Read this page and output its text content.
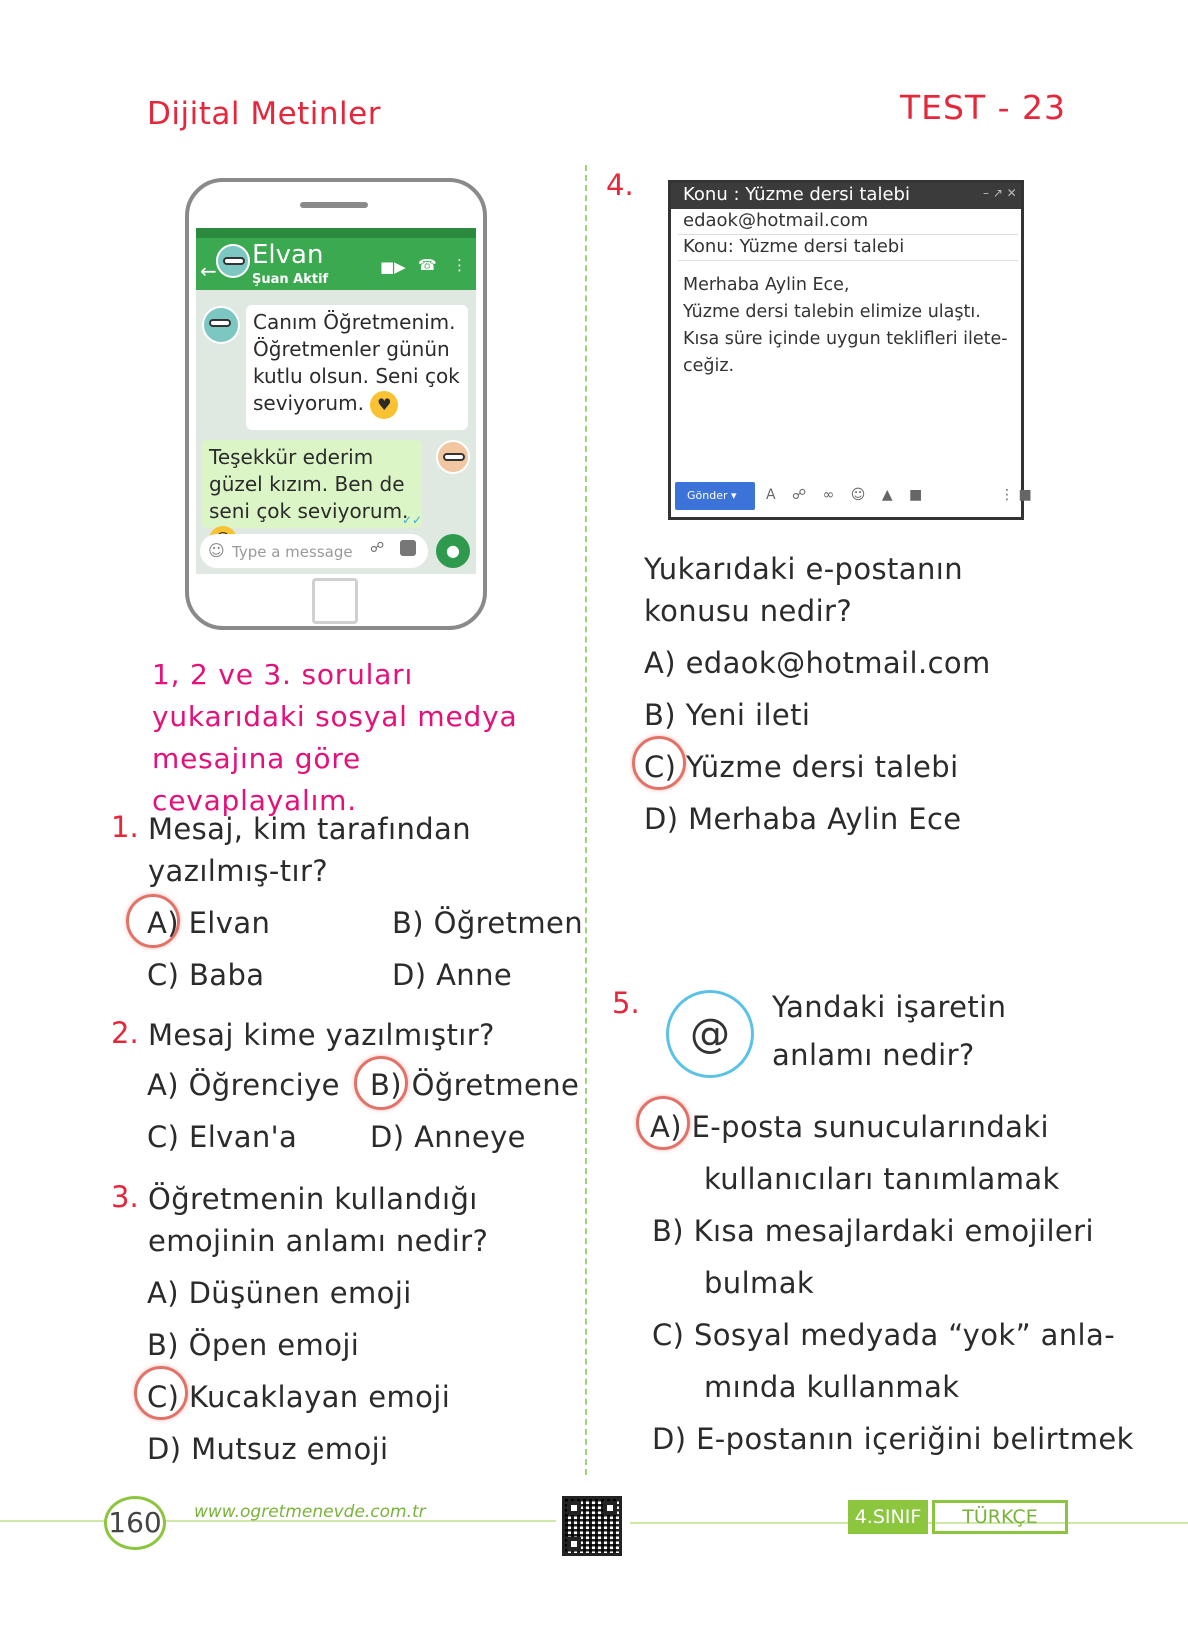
Dijital Metinler	TEST - 23
←
Elvan
Şuan Aktif
■▶ ☎ ⋮
Canım Öğretmenim. Öğretmenler günün kutlu olsun. Seni çok seviyorum. ♥
Teşekkür ederim güzel kızım. Ben de seni çok seviyorum.
✓✓
☺ Type a message ☍	●
1, 2 ve 3. soruları yukarıdaki sosyal medya mesajına göre cevaplayalım.
1. Mesaj, kim tarafından yazılmış-tır?
A) Elvan	B) Öğretmen
C) Baba	D) Anne
2. Mesaj kime yazılmıştır?
A) Öğrenciye B) Öğretmene
C) Elvan'a	D) Anneye
3. Öğretmenin kullandığı emojinin anlamı nedir?
A) Düşünen emoji
B) Öpen emoji
C) Kucaklayan emoji
D) Mutsuz emoji
4.	Konu : Yüzme dersi talebi	– ↗ ✕
edaok@hotmail.com
Konu: Yüzme dersi talebi
Merhaba Aylin Ece,
Yüzme dersi talebin elimize ulaştı.
Kısa süre içinde uygun teklifleri ilete-
ceğiz.
Gönder ▾	A ☍ ∞ ☺ ▲ ■	⋮ ■
Yukarıdaki e-postanın konusu nedir?
A) edaok@hotmail.com
B) Yeni ileti
C) Yüzme dersi talebi
D) Merhaba Aylin Ece
5.
@
Yandaki işaretin
anlamı nedir?
A) E-posta sunucularındaki
kullanıcıları tanımlamak
B) Kısa mesajlardaki emojileri
bulmak
C) Sosyal medyada “yok” anla-
mında kullanmak
D) E-postanın içeriğini belirtmek
160 www.ogretmenevde.com.tr	4.SINIF	TÜRKÇE
